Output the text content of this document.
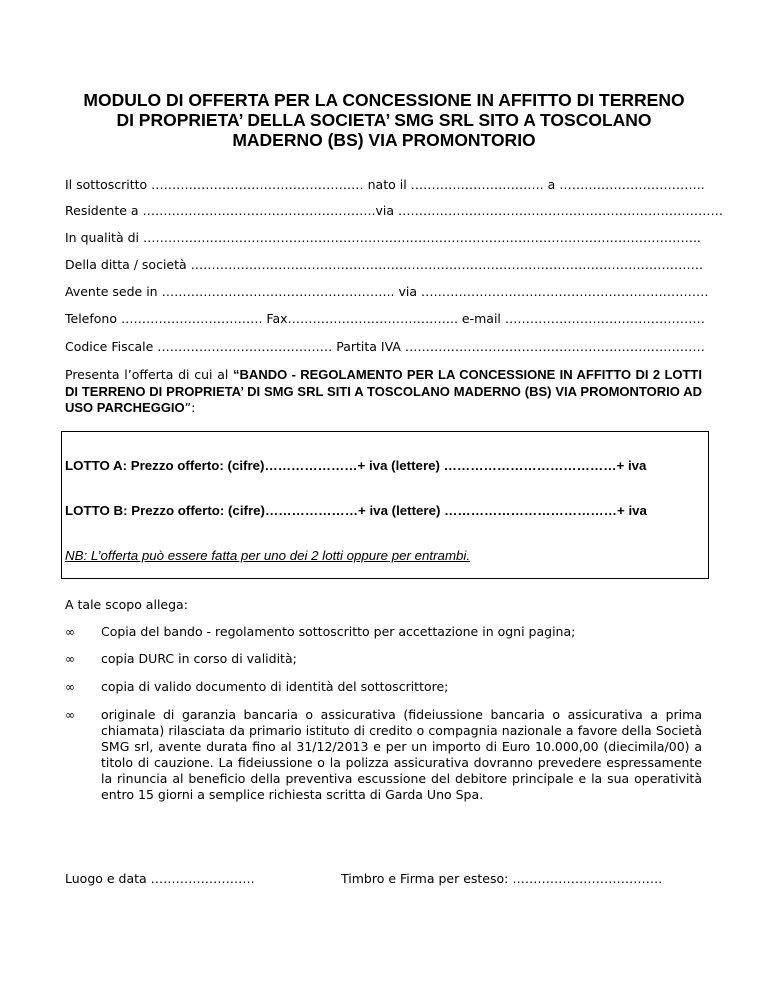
MODULO DI OFFERTA PER LA CONCESSIONE IN AFFITTO DI TERRENO
DI PROPRIETA’ DELLA SOCIETA’ SMG SRL SITO A TOSCOLANO
MADERNO (BS) VIA PROMONTORIO
Il sottoscritto …………………………………………… nato il ………………………….. a ……………………………..
Residente a ………………………………………………..via ……………………………………………………………………
In qualità di ……………………………………………………………………………………………………………………..
Della ditta / società ……………………………………………………………………………………………………………
Avente sede in ……………………………………………….. via ……………………………………………………………
Telefono ……………………………. Fax………………………………….. e-mail …………………………………………
Codice Fiscale …………………………………… Partita IVA ………………………………………………………………
Presenta l’offerta di cui al “BANDO - REGOLAMENTO PER LA CONCESSIONE IN AFFITTO DI 2 LOTTI DI TERRENO DI PROPRIETA’ DI SMG SRL SITI A TOSCOLANO MADERNO (BS) VIA PROMONTORIO AD USO PARCHEGGIO”:
LOTTO A: Prezzo offerto: (cifre)…………………+ iva (lettere) …………………………………+ iva
LOTTO B: Prezzo offerto: (cifre)…………………+ iva (lettere) …………………………………+ iva
NB: L’offerta può essere fatta per uno dei 2 lotti oppure per entrambi.
A tale scopo allega:
∞ Copia del bando - regolamento sottoscritto per accettazione in ogni pagina;
∞ copia DURC in corso di validità;
∞ copia di valido documento di identità del sottoscrittore;
∞ originale di garanzia bancaria o assicurativa (fideiussione bancaria o assicurativa a prima chiamata) rilasciata da primario istituto di credito o compagnia nazionale a favore della Società SMG srl, avente durata fino al 31/12/2013 e per un importo di Euro 10.000,00 (diecimila/00) a titolo di cauzione. La fideiussione o la polizza assicurativa dovranno prevedere espressamente la rinuncia al beneficio della preventiva escussione del debitore principale e la sua operatività entro 15 giorni a semplice richiesta scritta di Garda Uno Spa.
Luogo e data …………………….	Timbro e Firma per esteso: ………………………………
